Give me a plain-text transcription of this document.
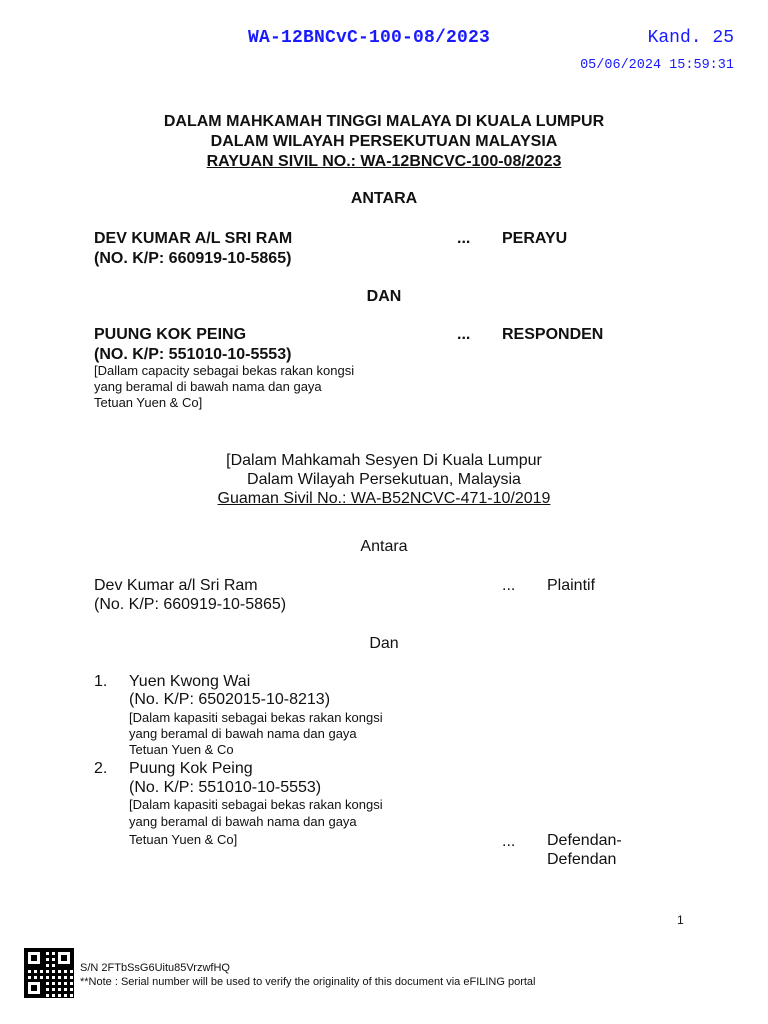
WA-12BNCvC-100-08/2023	Kand. 25
05/06/2024 15:59:31
DALAM MAHKAMAH TINGGI MALAYA DI KUALA LUMPUR
DALAM WILAYAH PERSEKUTUAN MALAYSIA
RAYUAN SIVIL NO.: WA-12BNCVC-100-08/2023
ANTARA
DEV KUMAR A/L SRI RAM
(NO. K/P: 660919-10-5865)
... PERAYU
DAN
PUUNG KOK PEING
(NO. K/P: 551010-10-5553)
[Dallam capacity sebagai bekas rakan kongsi
yang beramal di bawah nama dan gaya
Tetuan Yuen & Co]
... RESPONDEN
[Dalam Mahkamah Sesyen Di Kuala Lumpur
Dalam Wilayah Persekutuan, Malaysia
Guaman Sivil No.: WA-B52NCVC-471-10/2019
Antara
Dev Kumar a/l Sri Ram
(No. K/P: 660919-10-5865)
... Plaintif
Dan
1. Yuen Kwong Wai
(No. K/P: 6502015-10-8213)
[Dalam kapasiti sebagai bekas rakan kongsi
yang beramal di bawah nama dan gaya
Tetuan Yuen & Co
2. Puung Kok Peing
(No. K/P: 551010-10-5553)
[Dalam kapasiti sebagai bekas rakan kongsi
yang beramal di bawah nama dan gaya
Tetuan Yuen & Co]	... Defendan-
Defendan
1
S/N 2FTbSsG6Uitu85VrzwfHQ
**Note : Serial number will be used to verify the originality of this document via eFILING portal
